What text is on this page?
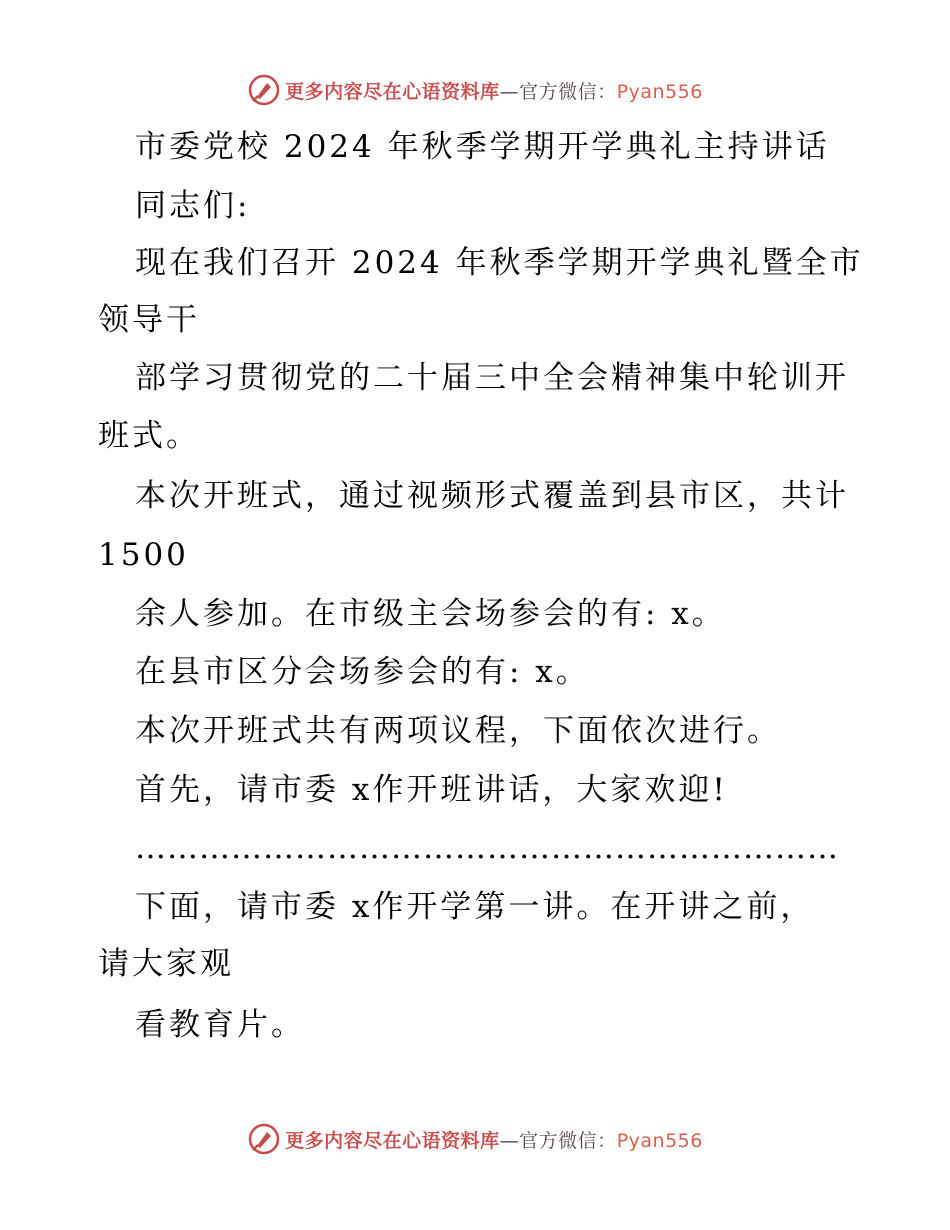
更多内容尽在心语资料库—官方微信：Pyan556
市委党校 2024 年秋季学期开学典礼主持讲话
同志们:
现在我们召开 2024 年秋季学期开学典礼暨全市
领导干
部学习贯彻党的二十届三中全会精神集中轮训开
班式。
本次开班式，通过视频形式覆盖到县市区，共计
1500
余人参加。在市级主会场参会的有: x。
在县市区分会场参会的有: x。
本次开班式共有两项议程，下面依次进行。
首先，请市委 x作开班讲话，大家欢迎!
…………………………………………………………
下面，请市委 x作开学第一讲。在开讲之前，
请大家观
看教育片。
更多内容尽在心语资料库—官方微信：Pyan556
